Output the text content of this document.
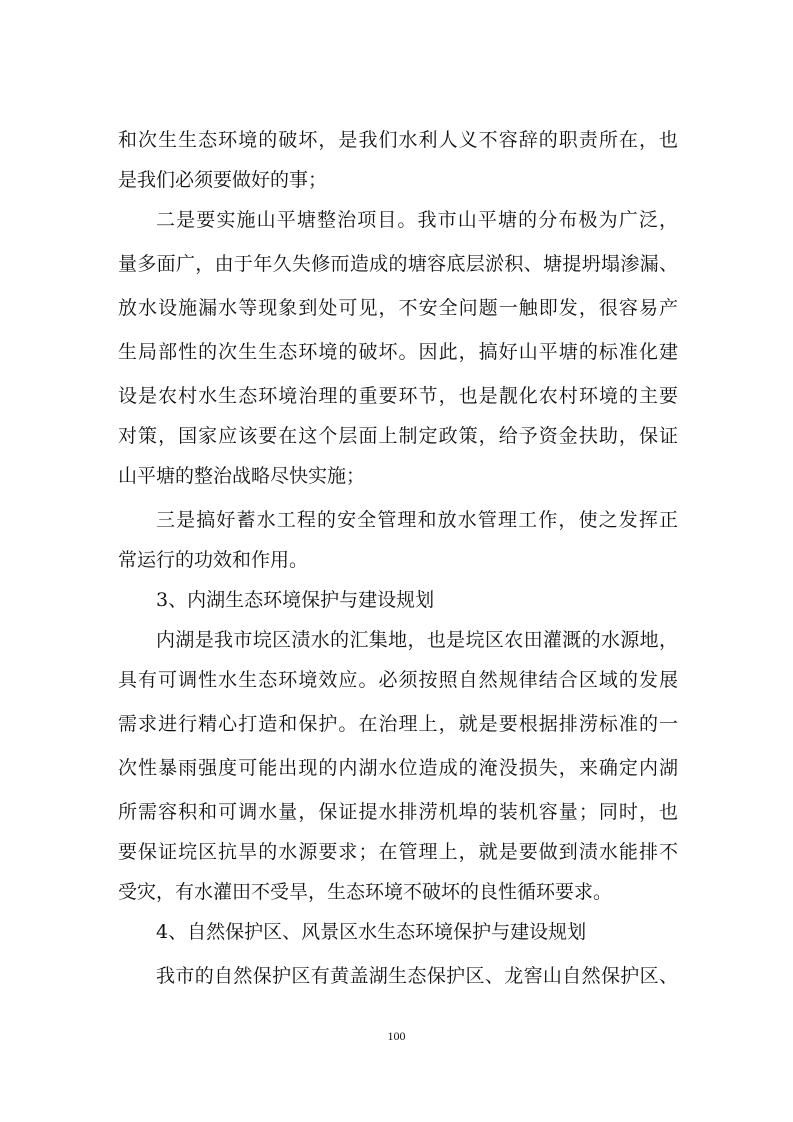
和次生生态环境的破坏，是我们水利人义不容辞的职责所在，也
是我们必须要做好的事；
二是要实施山平塘整治项目。我市山平塘的分布极为广泛，
量多面广，由于年久失修而造成的塘容底层淤积、塘提坍塌渗漏、
放水设施漏水等现象到处可见，不安全问题一触即发，很容易产
生局部性的次生生态环境的破坏。因此，搞好山平塘的标准化建
设是农村水生态环境治理的重要环节，也是靓化农村环境的主要
对策，国家应该要在这个层面上制定政策，给予资金扶助，保证
山平塘的整治战略尽快实施；
三是搞好蓄水工程的安全管理和放水管理工作，使之发挥正
常运行的功效和作用。
3、内湖生态环境保护与建设规划
内湖是我市垸区渍水的汇集地，也是垸区农田灌溉的水源地，
具有可调性水生态环境效应。必须按照自然规律结合区域的发展
需求进行精心打造和保护。在治理上，就是要根据排涝标准的一
次性暴雨强度可能出现的内湖水位造成的淹没损失，来确定内湖
所需容积和可调水量，保证提水排涝机埠的装机容量；同时，也
要保证垸区抗旱的水源要求；在管理上，就是要做到渍水能排不
受灾，有水灌田不受旱，生态环境不破坏的良性循环要求。
4、自然保护区、风景区水生态环境保护与建设规划
我市的自然保护区有黄盖湖生态保护区、龙窖山自然保护区、
100
